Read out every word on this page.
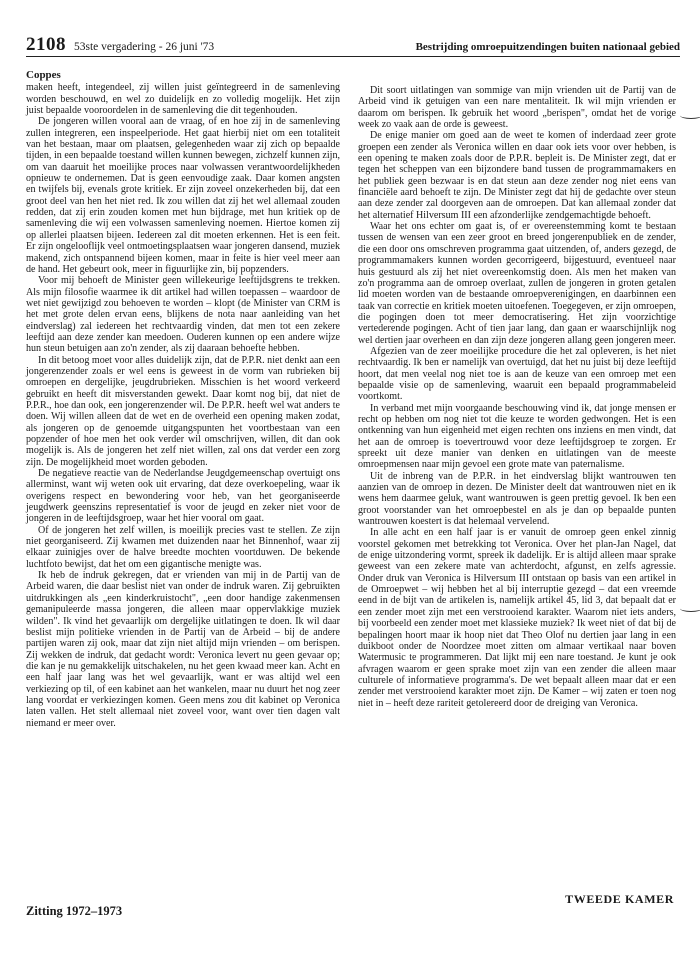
2108 53ste vergadering - 26 juni '73	Bestrijding omroepuitzendingen buiten nationaal gebied
Coppes

maken heeft, integendeel, zij willen juist geïntegreerd in de samenleving worden beschouwd, en wel zo duidelijk en zo volledig mogelijk. Het zijn juist bepaalde vooroordelen in de samenleving die dit tegenhouden.

De jongeren willen vooral aan de vraag, of en hoe zij in de samenleving zullen integreren, een inspeelperiode. Het gaat hierbij niet om een totaliteit van het bestaan, maar om plaatsen, gelegenheden waar zij zich op bepaalde tijden, in een bepaalde toestand willen kunnen bewegen, zichzelf kunnen zijn, om van daaruit het moeilijke proces naar volwassen verantwoordelijkheden opnieuw te ondernemen. Dat is geen eenvoudige zaak. Daar komen angsten en twijfels bij, evenals grote kritiek. Er zijn zoveel onzekerheden bij, dat een groot deel van hen het niet red. Ik zou willen dat zij het wel allemaal zouden redden, dat zij erin zouden komen met hun bijdrage, met hun kritiek op de samenleving die wij een volwassen samenleving noemen. Hiertoe komen zij op allerlei plaatsen bijeen. Iedereen zal dit moeten erkennen. Het is een feit. Er zijn ongelooflijk veel ontmoetingsplaatsen waar jongeren dansend, muziek makend, zich ontspannend bijeen komen, maar in feite is hier veel meer aan de hand. Het gebeurt ook, meer in figuurlijke zin, bij popzenders.

Voor mij behoeft de Minister geen willekeurige leeftijdsgrens te trekken. Als mijn filosofie waarmee ik dit artikel had willen toepassen – waardoor de wet niet gewijzigd zou behoeven te worden – klopt (de Minister van CRM is het met grote delen ervan eens, blijkens de nota naar aanleiding van het eindverslag) zal iedereen het rechtvaardig vinden, dat men tot een zekere leeftijd aan deze zender kan meedoen. Ouderen kunnen op een andere wijze hun steun betuigen aan zo'n zender, als zij daaraan behoefte hebben.

In dit betoog moet voor alles duidelijk zijn, dat de P.P.R. niet denkt aan een jongerenzender zoals er wel eens is geweest in de vorm van rubrieken bij omroepen en dergelijke, jeugdrubrieken. Misschien is het woord verkeerd gebruikt en heeft dit misverstanden gewekt. Daar komt nog bij, dat niet de P.P.R., hoe dan ook, een jongerenzender wil. De P.P.R. heeft wel wat anders te doen. Wij willen alleen dat de wet en de overheid een opening maken zodat, als jongeren op de genoemde uitgangspunten het voortbestaan van een popzender of hoe men het ook verder wil omschrijven, willen, dit dan ook mogelijk is. Als de jongeren het zelf niet willen, zal ons dat verder een zorg zijn. De mogelijkheid moet worden geboden.

De negatieve reactie van de Nederlandse Jeugdgemeenschap overtuigt ons allerminst, want wij weten ook uit ervaring, dat deze overkoepeling, waar ik overigens respect en bewondering voor heb, van het georganiseerde jeugdwerk geenszins representatief is voor de jeugd en zeker niet voor de jongeren in de leeftijdsgroep, waar het hier vooral om gaat.

Of de jongeren het zelf willen, is moeilijk precies vast te stellen. Ze zijn niet georganiseerd. Zij kwamen met duizenden naar het Binnenhof, waar zij elkaar zuinigjes over de halve breedte mochten voortduwen. De bekende luchtfoto bewijst, dat het om een gigantische menigte was.

Ik heb de indruk gekregen, dat er vrienden van mij in de Partij van de Arbeid waren, die daar beslist niet van onder de indruk waren. Zij gebruikten uitdrukkingen als „een kinderkruistocht", „een door handige zakenmensen gemanipuleerde massa jongeren, die alleen maar oppervlakkige muziek wilden". Ik vind het gevaarlijk om dergelijke uitlatingen te doen. Ik wil daar beslist mijn politieke vrienden in de Partij van de Arbeid – bij de andere partijen waren zij ook, maar dat zijn niet altijd mijn vrienden – om berispen. Zij wekken de indruk, dat gedacht wordt: Veronica levert nu geen gevaar op; die kan je nu gemakkelijk uitschakelen, nu het geen kwaad meer kan. Acht en een half jaar lang was het wel gevaarlijk, want er was altijd wel een verkiezing op til, of een kabinet aan het wankelen, maar nu duurt het nog zeer lang voordat er verkiezingen komen. Geen mens zou dit kabinet op Veronica laten vallen. Het stelt allemaal niet zoveel voor, want over tien dagen valt niemand er meer over.

Dit soort uitlatingen van sommige van mijn vrienden uit de Partij van de Arbeid vind ik getuigen van een nare mentaliteit. Ik wil mijn vrienden er daarom om berispen. Ik gebruik het woord „berispen", omdat het de vorige week zo vaak aan de orde is geweest.

De enige manier om goed aan de weet te komen of inderdaad zeer grote groepen een zender als Veronica willen en daar ook iets voor over hebben, is een opening te maken zoals door de P.P.R. bepleit is. De Minister zegt, dat er tegen het scheppen van een bijzondere band tussen de programmamakers en het publiek geen bezwaar is en dat steun aan deze zender nog niet eens van financiële aard behoeft te zijn. De Minister zegt dat hij de gedachte over steun aan deze zender zal doorgeven aan de omroepen. Dat kan allemaal zonder dat het alternatief Hilversum III een afzonderlijke zendgemachtigde behoeft.

Waar het ons echter om gaat is, of er overeenstemming komt te bestaan tussen de wensen van een zeer groot en breed jongerenpubliek en de zender, die een door ons omschreven programma gaat uitzenden, of, anders gezegd, de programmamakers kunnen worden gecorrigeerd, bijgestuurd, eventueel naar huis gestuurd als zij het niet overeenkomstig doen. Als men het maken van zo'n programma aan de omroep overlaat, zullen de jongeren in groten getalen lid moeten worden van de bestaande omroepverenigingen, en daarbinnen een taak van correctie en kritiek moeten uitoefenen. Toegegeven, er zijn omroepen, die pogingen doen tot meer democratisering. Het zijn voorzichtige vertederende pogingen. Acht of tien jaar lang, dan gaan er waarschijnlijk nog wel dertien jaar overheen en dan zijn deze jongeren allang geen jongeren meer.

Afgezien van de zeer moeilijke procedure die het zal opleveren, is het niet rechtvaardig. Ik ben er namelijk van overtuigd, dat het nu juist bij deze leeftijd hoort, dat men veelal nog niet toe is aan de keuze van een omroep met een bepaalde visie op de samenleving, waaruit een bepaald programmabeleid voortkomt.

In verband met mijn voorgaande beschouwing vind ik, dat jonge mensen er recht op hebben om nog niet tot die keuze te worden gedwongen. Het is een ontkenning van hun eigenheid met eigen rechten ons inziens en men vindt, dat het aan de omroep is toevertrouwd voor deze leeftijdsgroep te zorgen. Er spreekt uit deze manier van denken en uitlatingen van de meeste omroepmensen naar mijn gevoel een grote mate van paternalisme.

Uit de inbreng van de P.P.R. in het eindverslag blijkt wantrouwen ten aanzien van de omroep in dezen. De Minister deelt dat wantrouwen niet en ik wens hem daarmee geluk, want wantrouwen is geen prettig gevoel. Ik ben een groot voorstander van het omroepbestel en als je dan op bepaalde punten wantrouwen koestert is dat helemaal vervelend.

In alle acht en een half jaar is er vanuit de omroep geen enkel zinnig voorstel gekomen met betrekking tot Veronica. Over het plan-Jan Nagel, dat de enige uitzondering vormt, spreek ik dadelijk. Er is altijd alleen maar sprake geweest van een zekere mate van achterdocht, afgunst, en zelfs agressie. Onder druk van Veronica is Hilversum III ontstaan op basis van een artikel in de Omroepwet – wij hebben het al bij interruptie gezegd – dat een vreemde eend in de bijt van de artikelen is, namelijk artikel 45, lid 3, dat bepaalt dat er een zender moet zijn met een verstrooiend karakter. Waarom niet iets anders, bij voorbeeld een zender moet met klassieke muziek? Ik weet niet of dat bij de bepalingen hoort maar ik hoop niet dat Theo Olof nu dertien jaar lang in een duikboot onder de Noordzee moet zitten om almaar vertikaal naar boven Watermusic te programmeren. Dat lijkt mij een nare toestand. Je kunt je ook afvragen waarom er geen sprake moet zijn van een zender die alleen maar culturele of informatieve programma's. De wet bepaalt alleen maar dat er een zender met verstrooiend karakter moet zijn. De Kamer – wij zaten er toen nog niet in – heeft deze rariteit getolereerd door de dreiging van Veronica.

Zitting 1972–1973
TWEEDE KAMER
